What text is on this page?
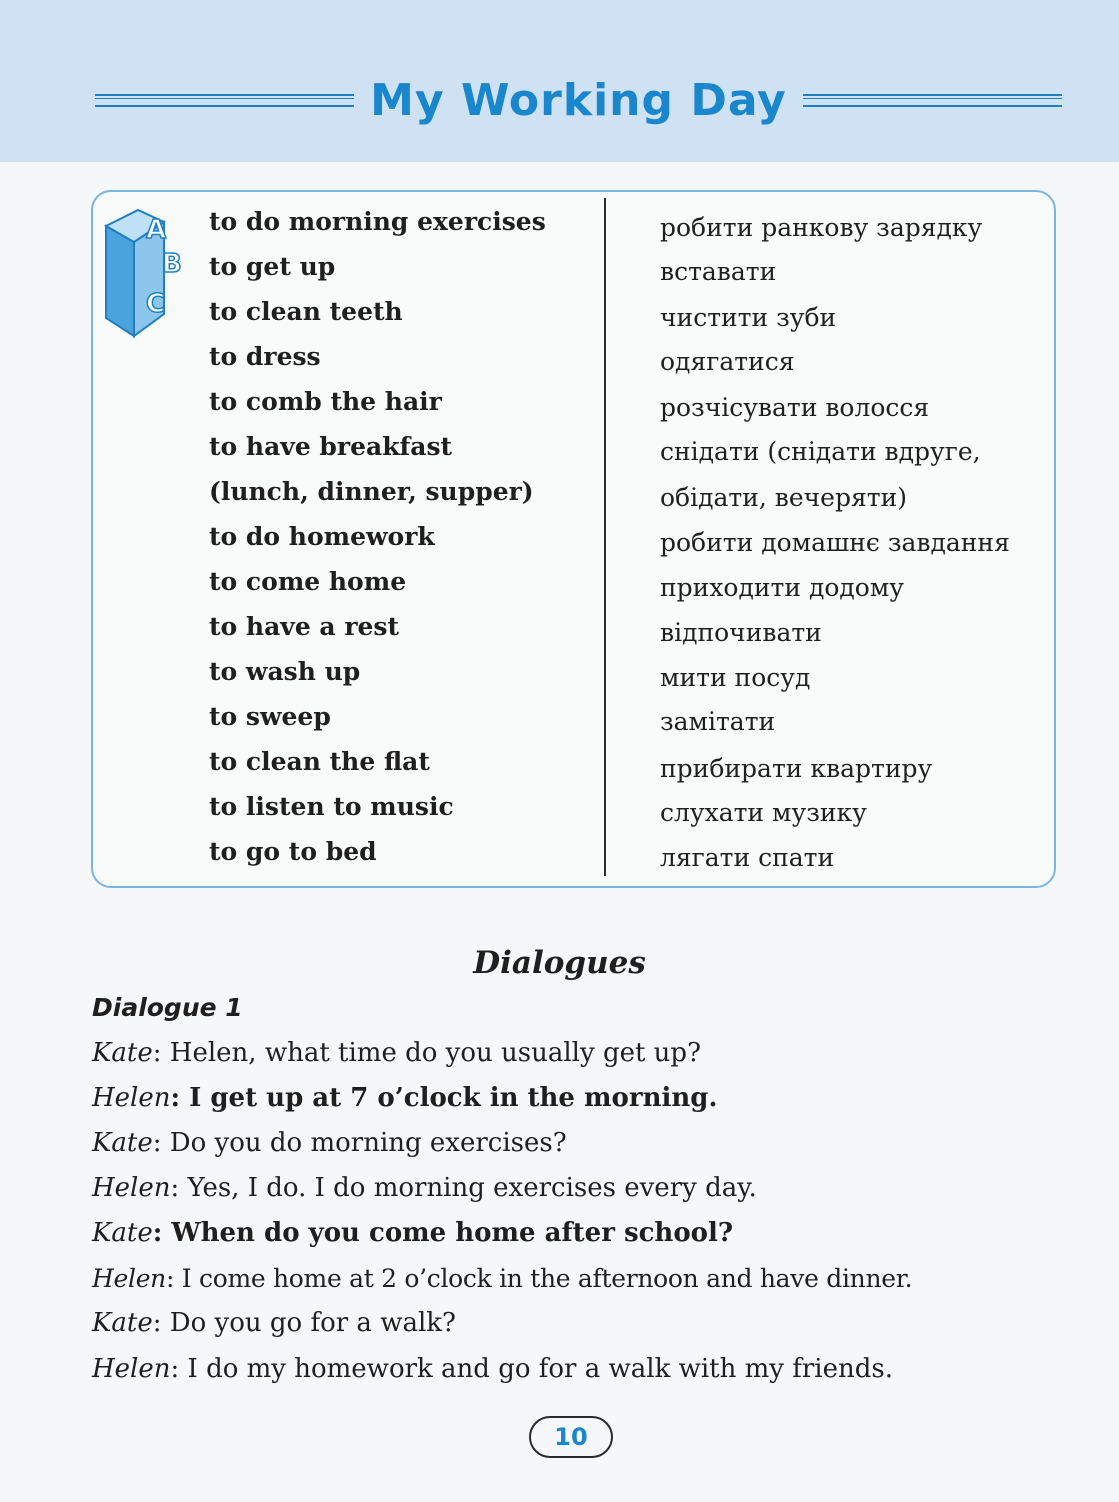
My Working Day
A
B
C
to do morning exercises
to get up
to clean teeth
to dress
to comb the hair
to have breakfast
(lunch, dinner, supper)
to do homework
to come home
to have a rest
to wash up
to sweep
to clean the flat
to listen to music
to go to bed
робити ранкову зарядку
вставати
чистити зуби
одягатися
розчісувати волосся
снідати (снідати вдруге,
обідати, вечеряти)
робити домашнє завдання
приходити додому
відпочивати
мити посуд
замітати
прибирати квартиру
слухати музику
лягати спати
Dialogues
Dialogue 1
Kate: Helen, what time do you usually get up?
Helen: I get up at 7 o’clock in the morning.
Kate: Do you do morning exercises?
Helen: Yes, I do. I do morning exercises every day.
Kate: When do you come home after school?
Helen: I come home at 2 o’clock in the afternoon and have dinner.
Kate: Do you go for a walk?
Helen: I do my homework and go for a walk with my friends.
10
